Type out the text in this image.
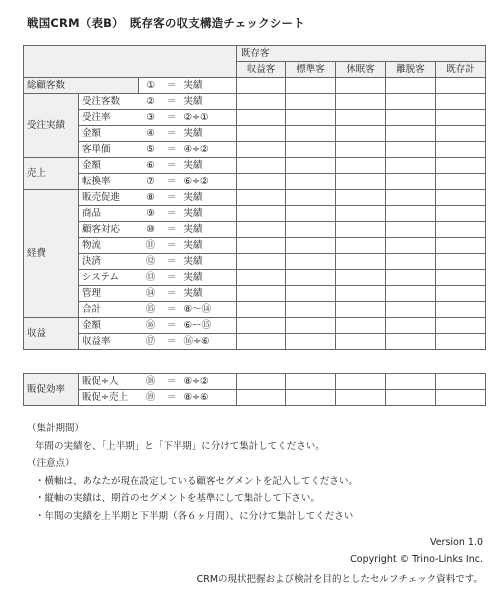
戦国CRM（表B）　既存客の収支構造チェックシート
					既存客				
					収益客	標準客	休眠客	離脱客	既存計
総顧客数		①	＝	実績					
受注実績	受注客数	②	＝	実績					
	受注率	③	＝	②÷①					
	金額	④	＝	実績					
	客単価	⑤	＝	④÷②					
売上	金額	⑥	＝	実績					
	転換率	⑦	＝	⑥÷②					
経費	販売促進	⑧	＝	実績					
	商品	⑨	＝	実績					
	顧客対応	⑩	＝	実績					
	物流	⑪	＝	実績					
	決済	⑫	＝	実績					
	システム	⑬	＝	実績					
	管理	⑭	＝	実績					
	合計	⑮	＝	⑧〜⑭					
収益	金額	⑯	＝	⑥ー⑮					
	収益率	⑰	＝	⑯÷⑥					
販促効率	販促÷人	⑱	＝	⑧÷②					
	販促÷売上	⑲	＝	⑧÷⑥					
（集計期間）
年間の実績を、「上半期」と「下半期」に分けて集計してください。
（注意点）
・横軸は、あなたが現在設定している顧客セグメントを記入してください。
・縦軸の実績は、期首のセグメントを基準にして集計して下さい。
・年間の実績を上半期と下半期（各６ヶ月間）、に分けて集計してください
Version 1.0
Copyright © Trino-Links Inc.
CRMの現状把握および検討を目的としたセルフチェック資料です。
